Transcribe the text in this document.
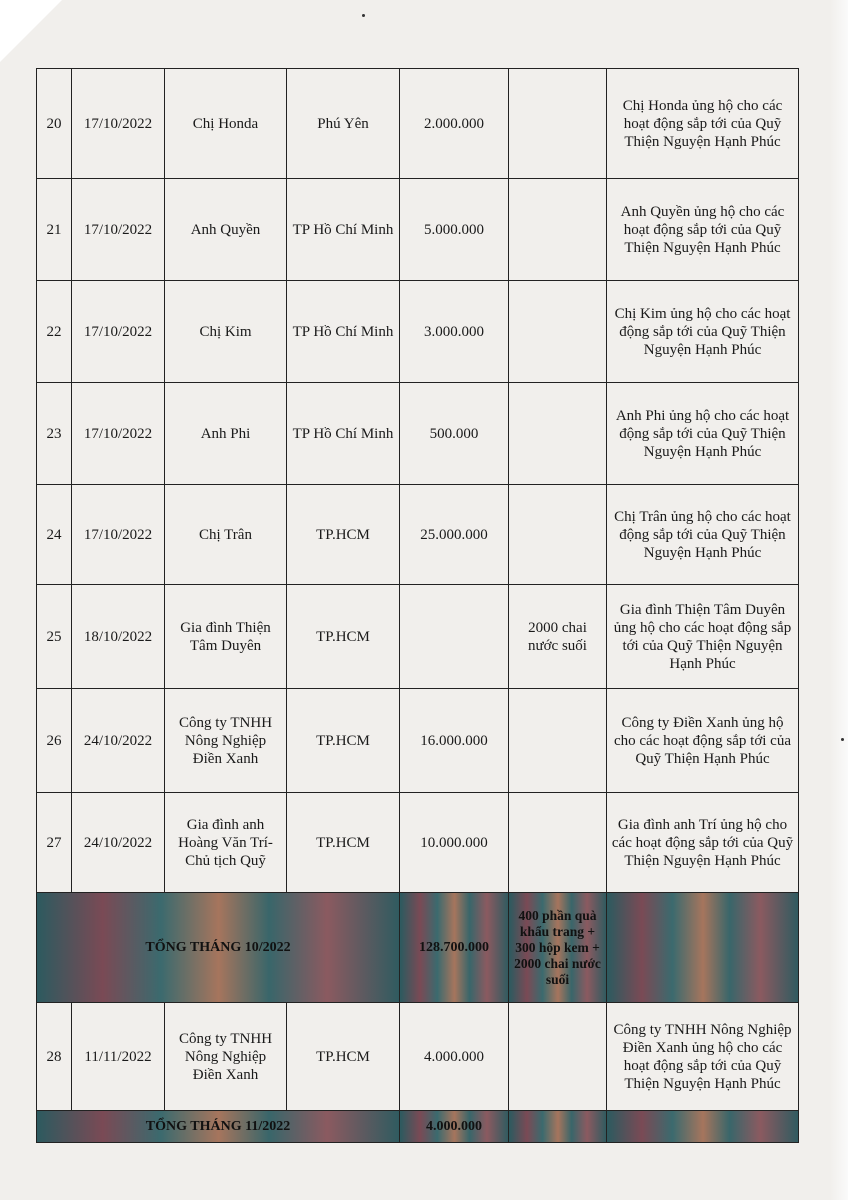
20	17/10/2022	Chị Honda	Phú Yên	2.000.000		Chị Honda ủng hộ cho các hoạt động sắp tới của Quỹ Thiện Nguyện Hạnh Phúc
21	17/10/2022	Anh Quyền	TP Hồ Chí Minh	5.000.000		Anh Quyền ủng hộ cho các hoạt động sắp tới của Quỹ Thiện Nguyện Hạnh Phúc
22	17/10/2022	Chị Kim	TP Hồ Chí Minh	3.000.000		Chị Kim ủng hộ cho các hoạt động sắp tới của Quỹ Thiện Nguyện Hạnh Phúc
23	17/10/2022	Anh Phi	TP Hồ Chí Minh	500.000		Anh Phi ủng hộ cho các hoạt động sắp tới của Quỹ Thiện Nguyện Hạnh Phúc
24	17/10/2022	Chị Trân	TP.HCM	25.000.000		Chị Trân ủng hộ cho các hoạt động sắp tới của Quỹ Thiện Nguyện Hạnh Phúc
25	18/10/2022	Gia đình Thiện Tâm Duyên	TP.HCM		2000 chai nước suối	Gia đình Thiện Tâm Duyên ủng hộ cho các hoạt động sắp tới của Quỹ Thiện Nguyện Hạnh Phúc
26	24/10/2022	Công ty TNHH Nông Nghiệp Điền Xanh	TP.HCM	16.000.000		Công ty Điền Xanh ủng hộ cho các hoạt động sắp tới của Quỹ Thiện Hạnh Phúc
27	24/10/2022	Gia đình anh Hoàng Văn Trí- Chủ tịch Quỹ	TP.HCM	10.000.000		Gia đình anh Trí ủng hộ cho các hoạt động sắp tới của Quỹ Thiện Nguyện Hạnh Phúc
TỔNG THÁNG 10/2022				128.700.000	400 phần quà khẩu trang + 300 hộp kem + 2000 chai nước suối	
28	11/11/2022	Công ty TNHH Nông Nghiệp Điền Xanh	TP.HCM	4.000.000		Công ty TNHH Nông Nghiệp Điền Xanh ủng hộ cho các hoạt động sắp tới của Quỹ Thiện Nguyện Hạnh Phúc
TỔNG THÁNG 11/2022				4.000.000		
